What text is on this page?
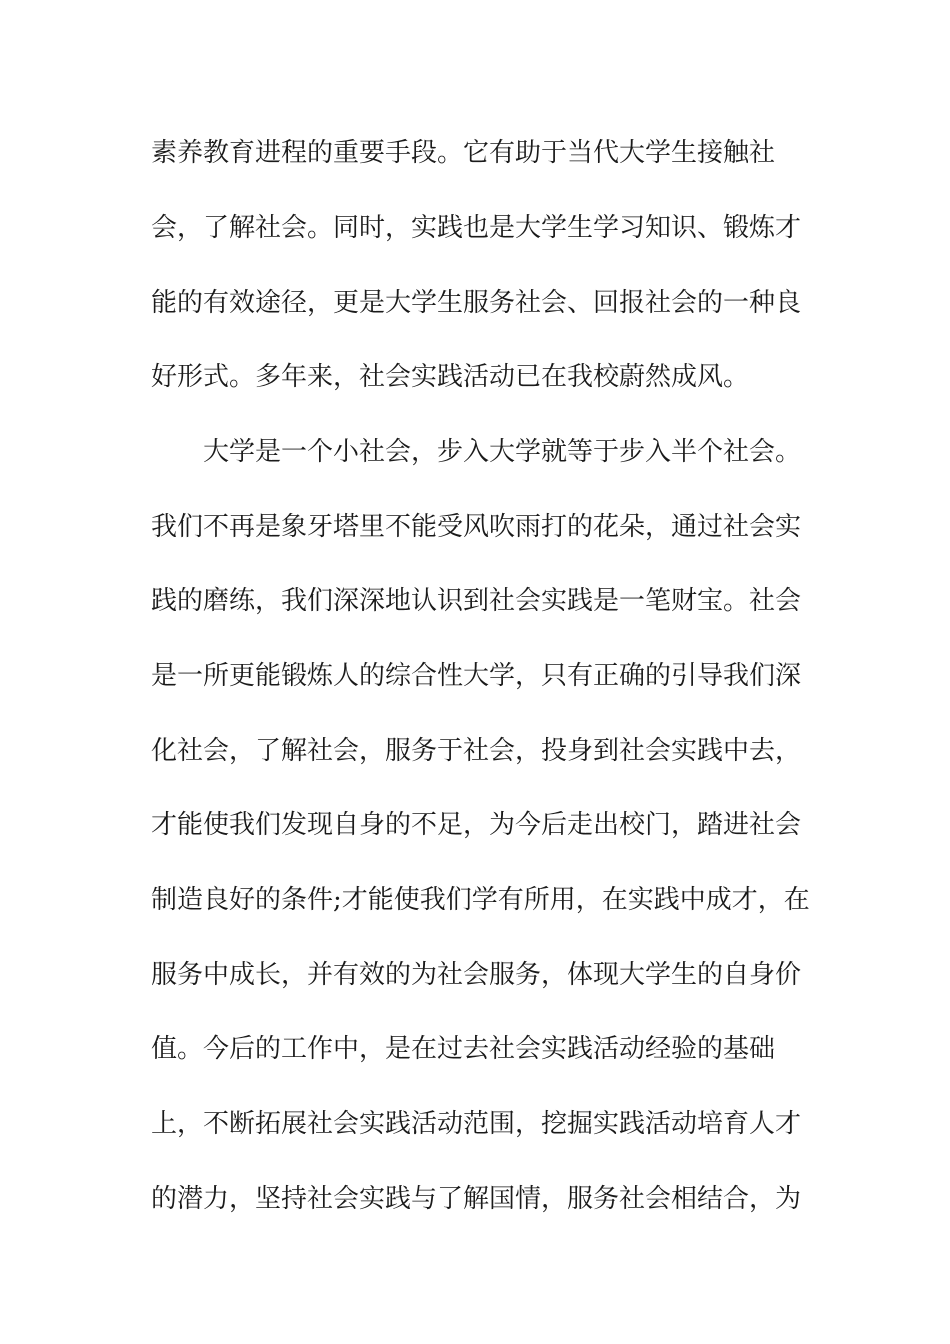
素养教育进程的重要手段。它有助于当代大学生接触社
会，了解社会。同时，实践也是大学生学习知识、锻炼才
能的有效途径，更是大学生服务社会、回报社会的一种良
好形式。多年来，社会实践活动已在我校蔚然成风。
大学是一个小社会，步入大学就等于步入半个社会。
我们不再是象牙塔里不能受风吹雨打的花朵，通过社会实
践的磨练，我们深深地认识到社会实践是一笔财宝。社会
是一所更能锻炼人的综合性大学，只有正确的引导我们深
化社会，了解社会，服务于社会，投身到社会实践中去，
才能使我们发现自身的不足，为今后走出校门，踏进社会
制造良好的条件;才能使我们学有所用，在实践中成才，在
服务中成长，并有效的为社会服务，体现大学生的自身价
值。今后的工作中，是在过去社会实践活动经验的基础
上，不断拓展社会实践活动范围，挖掘实践活动培育人才
的潜力，坚持社会实践与了解国情，服务社会相结合，为
